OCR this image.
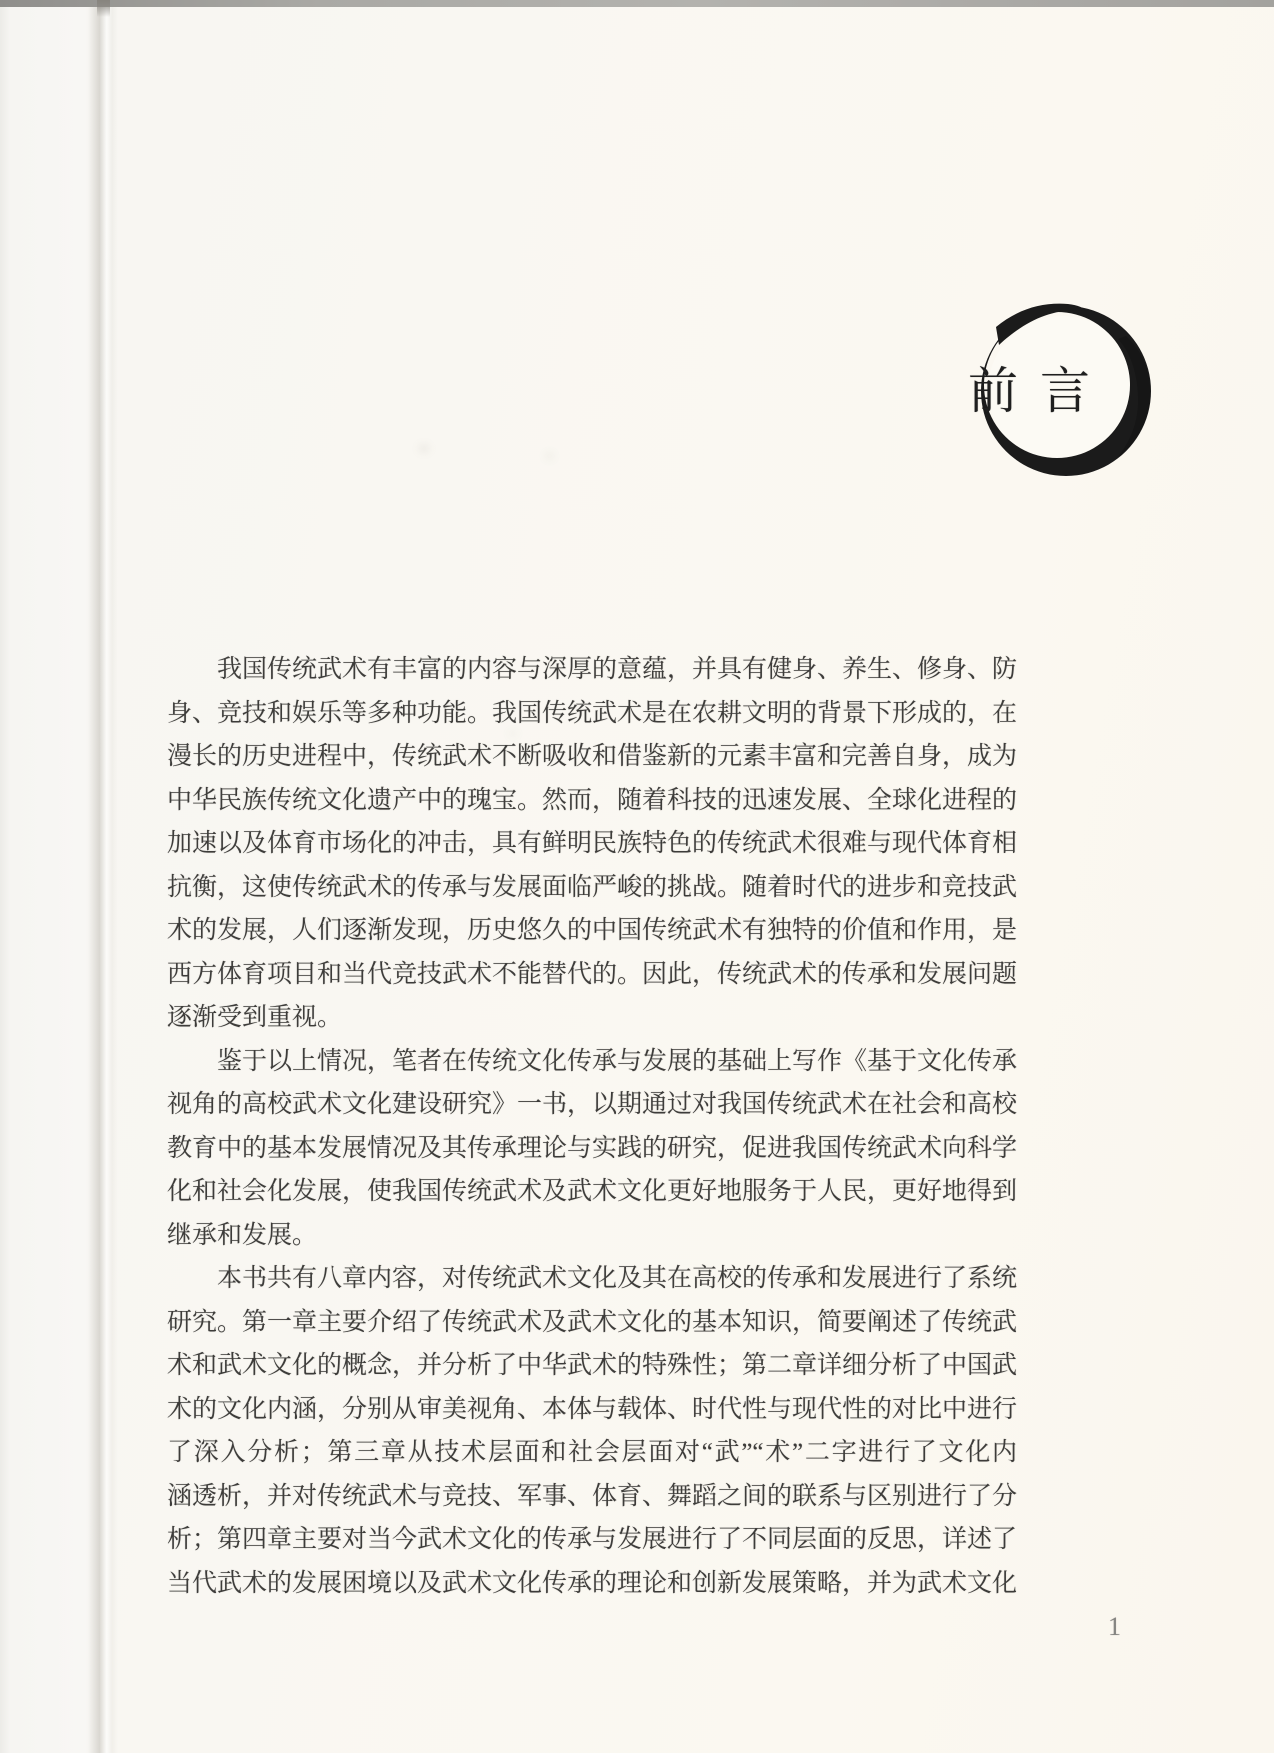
前 言
我国传统武术有丰富的内容与深厚的意蕴，并具有健身、养生、修身、防
身、竞技和娱乐等多种功能。我国传统武术是在农耕文明的背景下形成的，在
漫长的历史进程中，传统武术不断吸收和借鉴新的元素丰富和完善自身，成为
中华民族传统文化遗产中的瑰宝。然而，随着科技的迅速发展、全球化进程的
加速以及体育市场化的冲击，具有鲜明民族特色的传统武术很难与现代体育相
抗衡，这使传统武术的传承与发展面临严峻的挑战。随着时代的进步和竞技武
术的发展，人们逐渐发现，历史悠久的中国传统武术有独特的价值和作用，是
西方体育项目和当代竞技武术不能替代的。因此，传统武术的传承和发展问题
逐渐受到重视。
鉴于以上情况，笔者在传统文化传承与发展的基础上写作《基于文化传承
视角的高校武术文化建设研究》一书，以期通过对我国传统武术在社会和高校
教育中的基本发展情况及其传承理论与实践的研究，促进我国传统武术向科学
化和社会化发展，使我国传统武术及武术文化更好地服务于人民，更好地得到
继承和发展。
本书共有八章内容，对传统武术文化及其在高校的传承和发展进行了系统
研究。第一章主要介绍了传统武术及武术文化的基本知识，简要阐述了传统武
术和武术文化的概念，并分析了中华武术的特殊性；第二章详细分析了中国武
术的文化内涵，分别从审美视角、本体与载体、时代性与现代性的对比中进行
了深入分析；第三章从技术层面和社会层面对“武”“术”二字进行了文化内
涵透析，并对传统武术与竞技、军事、体育、舞蹈之间的联系与区别进行了分
析；第四章主要对当今武术文化的传承与发展进行了不同层面的反思，详述了
当代武术的发展困境以及武术文化传承的理论和创新发展策略，并为武术文化
1
